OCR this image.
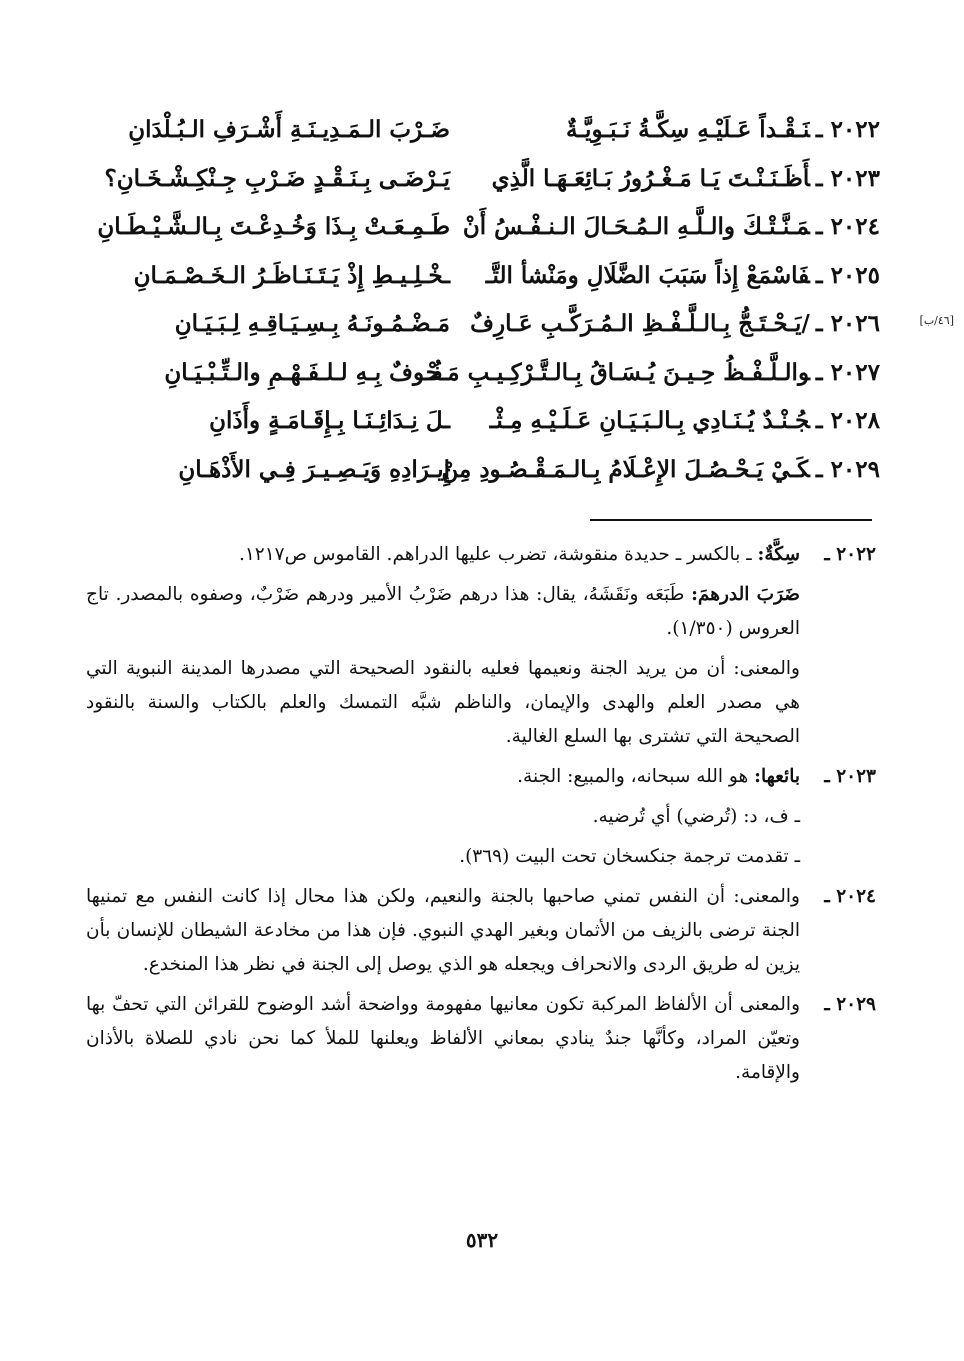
٢٠٢٢ ـنَـقْـداً عَـلَيْـهِ سِكَّـةُ نَـبَـوِيَّـةٌ
ضَـرْبَ الـمَـدِيـنَـةِ أَشْـرَفِ الـبُـلْدَانِ
٢٠٢٣ ـأَظَـنَـنْـتَ يَـا مَـغْـرُورُ بَـائِعَـهَـا الَّذِي
يَـرْضَـى بِـنَـقْـدٍ ضَـرْبِ جِـنْكِـشْـخَـانِ؟
٢٠٢٤ ـمَـنَّـتْـكَ والـلَّـهِ الـمُـحَـالَ الـنـفْـسُ أَنْ
طَـمِـعَـتْ بِـذَا وَخُـدِعْـتَ بِـالـشَّـيْـطَـانِ
٢٠٢٥ ـفَاسْمَعْ إِذاً سَبَبَ الضَّلَالِ ومَنْشأ التَّـ
ـخْـلِـيـطِ إِذْ يَـتَـنَـاظَـرُ الـخَـصْـمَـانِ
[٤٦/ب]
٢٠٢٦ ـ/يَـحْـتَـجُّ بِـالـلَّـفْـظِ الـمُـرَكَّـبِ عَـارِفٌ
مَـضْـمُـونَـهُ بِـسِـيَـاقِـهِ لِـبَـيَـانِ
٢٠٢٧ ـوالـلَّـفْـظُ حِـيـنَ يُـسَـاقُ بِـالـتَّـرْكِـيـبِ مَـحْـ
ـفُـوفٌ بِـهِ لـلـفَـهْـمِ والـتِّـبْـيَـانِ
٢٠٢٨ ـجُـنْـدٌ يُـنَـادِي بِـالـبَـيَـانِ عَـلَـيْـهِ مِـثْـ
ـلَ نِـدَائِـنَـا بِـإِقَـامَـةٍ وأَذَانِ
٢٠٢٩ ـكَـيْ يَـحْـصُـلَ الإِعْـلَامُ بِـالـمَـقْـصُـودِ مِنْ
إِيـرَادِهِ وَيَـصِـيـرَ فِـي الأَذْهَـانِ
٢٠٢٢ ـ

سِكَّةٌ: ـ بالكسر ـ حديدة منقوشة، تضرب عليها الدراهم. القاموس ص١٢١٧.

ضَرَبَ الدرهمَ: طَبَعَه ونَقَشَهُ، يقال: هذا درهم ضَرْبُ الأمير ودرهم ضَرْبٌ، وصفوه بالمصدر. تاج العروس (١/٣٥٠).

والمعنى: أن من يريد الجنة ونعيمها فعليه بالنقود الصحيحة التي مصدرها المدينة النبوية التي هي مصدر العلم والهدى والإيمان، والناظم شبَّه التمسك والعلم بالكتاب والسنة بالنقود الصحيحة التي تشترى بها السلع الغالية.

٢٠٢٣ ـ

بائعها: هو الله سبحانه، والمبيع: الجنة.

ـ ف، د: (تُرضي) أي تُرضيه.

ـ تقدمت ترجمة جنكسخان تحت البيت (٣٦٩).

٢٠٢٤ ـ

والمعنى: أن النفس تمني صاحبها بالجنة والنعيم، ولكن هذا محال إذا كانت النفس مع تمنيها الجنة ترضى بالزيف من الأثمان وبغير الهدي النبوي. فإن هذا من مخادعة الشيطان للإنسان بأن يزين له طريق الردى والانحراف ويجعله هو الذي يوصل إلى الجنة في نظر هذا المنخدع.

٢٠٢٩ ـ

والمعنى أن الألفاظ المركبة تكون معانيها مفهومة وواضحة أشد الوضوح للقرائن التي تحفّ بها وتعيّن المراد، وكأنَّها جندٌ ينادي بمعاني الألفاظ ويعلنها للملأ كما نحن نادي للصلاة بالأذان والإقامة.

٥٣٢
